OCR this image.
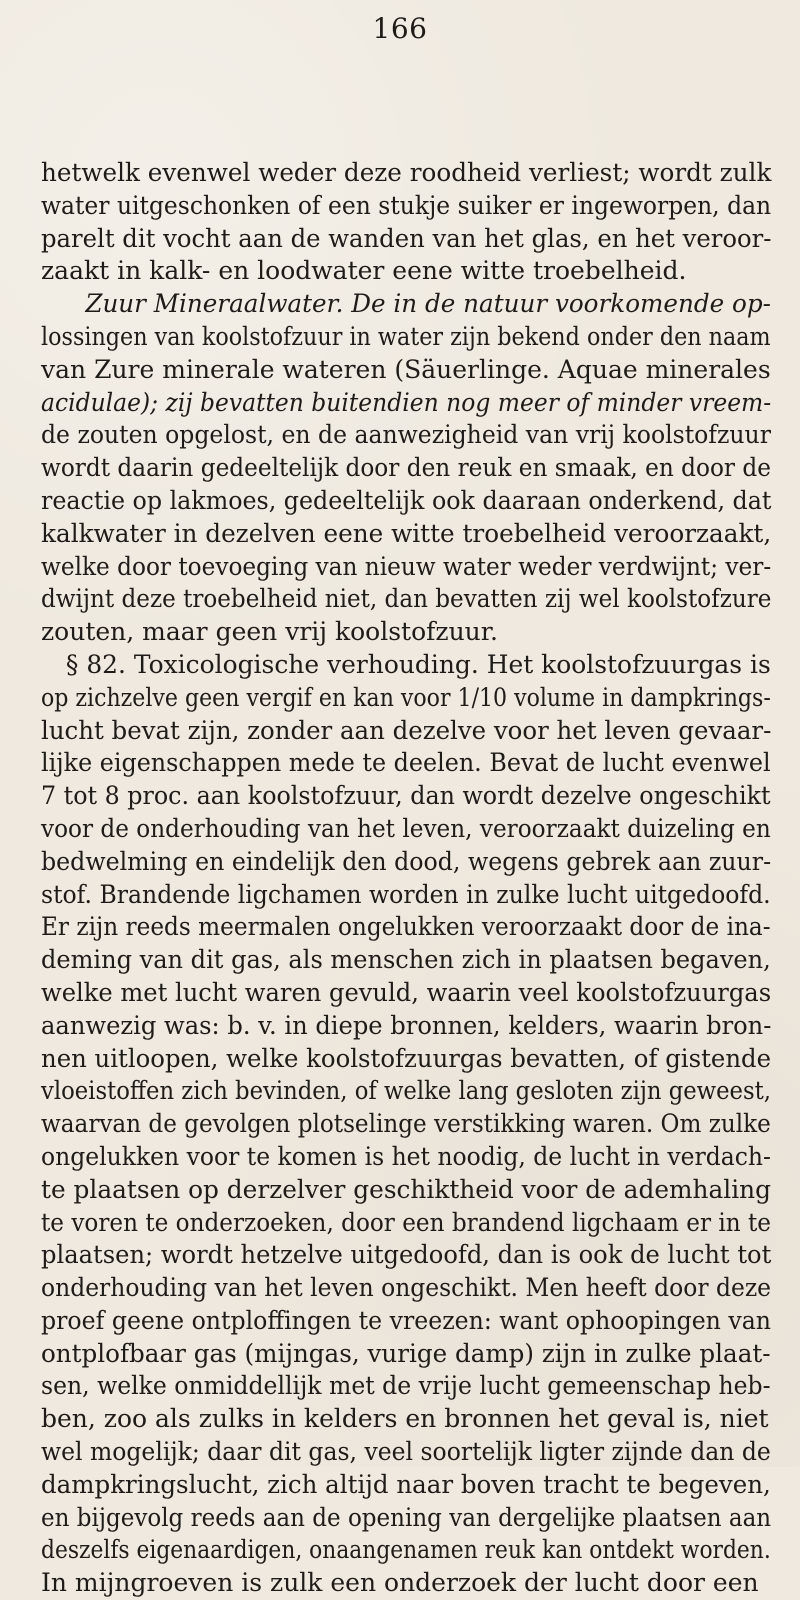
166
hetwelk evenwel weder deze roodheid verliest; wordt zulk
water uitgeschonken of een stukje suiker er ingeworpen, dan
parelt dit vocht aan de wanden van het glas, en het veroor-
zaakt in kalk- en loodwater eene witte troebelheid.
Zuur Mineraalwater. De in de natuur voorkomende op-
lossingen van koolstofzuur in water zijn bekend onder den naam
van Zure minerale wateren (Säuerlinge. Aquae minerales
acidulae); zij bevatten buitendien nog meer of minder vreem-
de zouten opgelost, en de aanwezigheid van vrij koolstofzuur
wordt daarin gedeeltelijk door den reuk en smaak, en door de
reactie op lakmoes, gedeeltelijk ook daaraan onderkend, dat
kalkwater in dezelven eene witte troebelheid veroorzaakt,
welke door toevoeging van nieuw water weder verdwijnt; ver-
dwijnt deze troebelheid niet, dan bevatten zij wel koolstofzure
zouten, maar geen vrij koolstofzuur.
§ 82. Toxicologische verhouding. Het koolstofzuurgas is
op zichzelve geen vergif en kan voor 1/10 volume in dampkrings-
lucht bevat zijn, zonder aan dezelve voor het leven gevaar-
lijke eigenschappen mede te deelen. Bevat de lucht evenwel
7 tot 8 proc. aan koolstofzuur, dan wordt dezelve ongeschikt
voor de onderhouding van het leven, veroorzaakt duizeling en
bedwelming en eindelijk den dood, wegens gebrek aan zuur-
stof. Brandende ligchamen worden in zulke lucht uitgedoofd.
Er zijn reeds meermalen ongelukken veroorzaakt door de ina-
deming van dit gas, als menschen zich in plaatsen begaven,
welke met lucht waren gevuld, waarin veel koolstofzuurgas
aanwezig was: b. v. in diepe bronnen, kelders, waarin bron-
nen uitloopen, welke koolstofzuurgas bevatten, of gistende
vloeistoffen zich bevinden, of welke lang gesloten zijn geweest,
waarvan de gevolgen plotselinge verstikking waren. Om zulke
ongelukken voor te komen is het noodig, de lucht in verdach-
te plaatsen op derzelver geschiktheid voor de ademhaling
te voren te onderzoeken, door een brandend ligchaam er in te
plaatsen; wordt hetzelve uitgedoofd, dan is ook de lucht tot
onderhouding van het leven ongeschikt. Men heeft door deze
proef geene ontploffingen te vreezen: want ophoopingen van
ontplofbaar gas (mijngas, vurige damp) zijn in zulke plaat-
sen, welke onmiddellijk met de vrije lucht gemeenschap heb-
ben, zoo als zulks in kelders en bronnen het geval is, niet
wel mogelijk; daar dit gas, veel soortelijk ligter zijnde dan de
dampkringslucht, zich altijd naar boven tracht te begeven,
en bijgevolg reeds aan de opening van dergelijke plaatsen aan
deszelfs eigenaardigen, onaangenamen reuk kan ontdekt worden.
In mijngroeven is zulk een onderzoek der lucht door een
